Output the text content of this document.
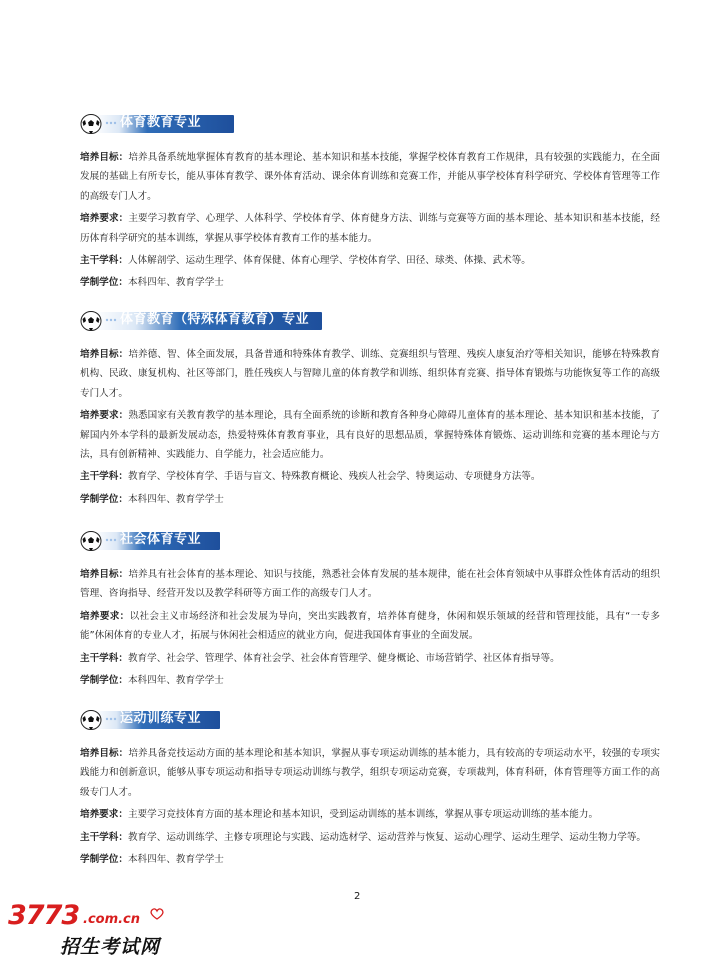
体育教育专业

培养目标：培养具备系统地掌握体育教育的基本理论、基本知识和基本技能，掌握学校体育教育工作规律，具有较强的实践能力，在全面发展的基础上有所专长，能从事体育教学、课外体育活动、课余体育训练和竞赛工作，并能从事学校体育科学研究、学校体育管理等工作的高级专门人才。

培养要求：主要学习教育学、心理学、人体科学、学校体育学、体育健身方法、训练与竞赛等方面的基本理论、基本知识和基本技能，经历体育科学研究的基本训练，掌握从事学校体育教育工作的基本能力。

主干学科：人体解剖学、运动生理学、体育保健、体育心理学、学校体育学、田径、球类、体操、武术等。

学制学位：本科四年、教育学学士

体育教育（特殊体育教育）专业

培养目标：培养德、智、体全面发展，具备普通和特殊体育教学、训练、竞赛组织与管理、残疾人康复治疗等相关知识，能够在特殊教育机构、民政、康复机构、社区等部门，胜任残疾人与智障儿童的体育教学和训练、组织体育竞赛、指导体育锻炼与功能恢复等工作的高级专门人才。

培养要求：熟悉国家有关教育教学的基本理论，具有全面系统的诊断和教育各种身心障碍儿童体育的基本理论、基本知识和基本技能，了解国内外本学科的最新发展动态，热爱特殊体育教育事业，具有良好的思想品质，掌握特殊体育锻炼、运动训练和竞赛的基本理论与方法，具有创新精神、实践能力、自学能力，社会适应能力。

主干学科：教育学、学校体育学、手语与盲文、特殊教育概论、残疾人社会学、特奥运动、专项健身方法等。

学制学位：本科四年、教育学学士

社会体育专业

培养目标：培养具有社会体育的基本理论、知识与技能，熟悉社会体育发展的基本规律，能在社会体育领域中从事群众性体育活动的组织管理、咨询指导、经营开发以及教学科研等方面工作的高级专门人才。

培养要求：以社会主义市场经济和社会发展为导向，突出实践教育，培养体育健身，休闲和娱乐领域的经营和管理技能，具有“一专多能”休闲体育的专业人才，拓展与休闲社会相适应的就业方向，促进我国体育事业的全面发展。

主干学科：教育学、社会学、管理学、体育社会学、社会体育管理学、健身概论、市场营销学、社区体育指导等。

学制学位：本科四年、教育学学士

运动训练专业

培养目标：培养具备竞技运动方面的基本理论和基本知识，掌握从事专项运动训练的基本能力，具有较高的专项运动水平，较强的专项实践能力和创新意识，能够从事专项运动和指导专项运动训练与教学，组织专项运动竞赛，专项裁判，体育科研，体育管理等方面工作的高级专门人才。

培养要求：主要学习竞技体育方面的基本理论和基本知识，受到运动训练的基本训练，掌握从事专项运动训练的基本能力。

主干学科：教育学、运动训练学、主修专项理论与实践、运动选材学、运动营养与恢复、运动心理学、运动生理学、运动生物力学等。

学制学位：本科四年、教育学学士

2
3773 .com.cn
招生考试网
